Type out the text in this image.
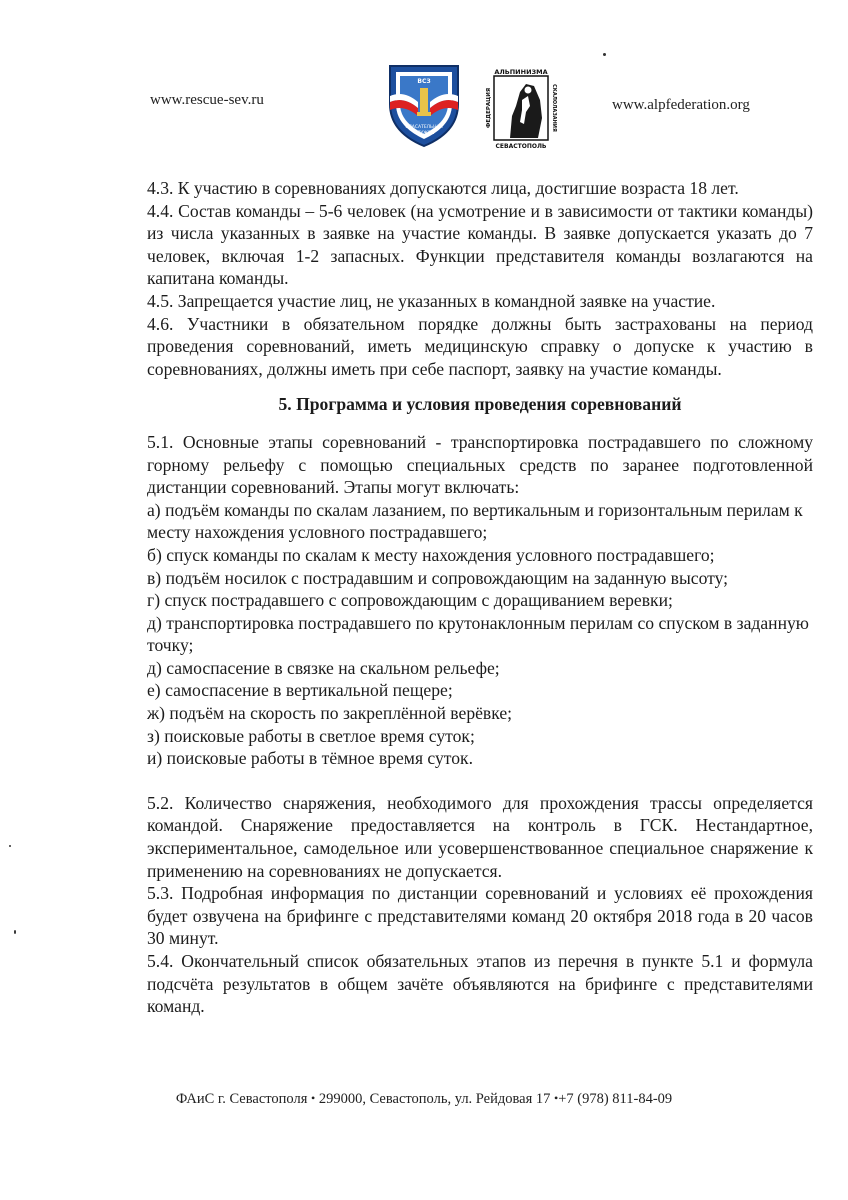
www.rescue-sev.ru
ВСЗ
СПАСАТЕЛЬНАЯ
СЛУЖБА
АЛЬПИНИЗМА
СЕВАСТОПОЛЬ
ФЕДЕРАЦИЯ	СКАЛОЛАЗАНИЯ	www.alpfederation.org

4.3. К участию в соревнованиях допускаются лица, достигшие возраста 18 лет.

4.4. Состав команды – 5-6 человек (на усмотрение и в зависимости от тактики команды) из числа указанных в заявке на участие команды. В заявке допускается указать до 7 человек, включая 1-2 запасных. Функции представителя команды возлагаются на капитана команды.

4.5. Запрещается участие лиц, не указанных в командной заявке на участие.

4.6. Участники в обязательном порядке должны быть застрахованы на период проведения соревнований, иметь медицинскую справку о допуске к участию в соревнованиях, должны иметь при себе паспорт, заявку на участие команды.

5. Программа и условия проведения соревнований

5.1. Основные этапы соревнований - транспортировка пострадавшего по сложному горному рельефу с помощью специальных средств по заранее подготовленной дистанции соревнований. Этапы могут включать:

а) подъём команды по скалам лазанием, по вертикальным и горизонтальным перилам к месту нахождения условного пострадавшего;

б) спуск команды по скалам к месту нахождения условного пострадавшего;

в) подъём носилок с пострадавшим и сопровождающим на заданную высоту;

г) спуск пострадавшего с сопровождающим с доращиванием веревки;

д) транспортировка пострадавшего по крутонаклонным перилам со спуском в заданную точку;

д) самоспасение в связке на скальном рельефе;

е) самоспасение в вертикальной пещере;

ж) подъём на скорость по закреплённой верёвке;

з) поисковые работы в светлое время суток;

и) поисковые работы в тёмное время суток.

5.2. Количество снаряжения, необходимого для прохождения трассы определяется командой. Снаряжение предоставляется на контроль в ГСК. Нестандартное, экспериментальное, самодельное или усовершенствованное специальное снаряжение к применению на соревнованиях не допускается.

5.3. Подробная информация по дистанции соревнований и условиях её прохождения будет озвучена на брифинге с представителями команд 20 октября 2018 года в 20 часов 30 минут.

5.4. Окончательный список обязательных этапов из перечня в пункте 5.1 и формула подсчёта результатов в общем зачёте объявляются на брифинге с представителями команд.

ФАиС г. Севастополя • 299000, Севастополь, ул. Рейдовая 17 •+7 (978) 811-84-09
